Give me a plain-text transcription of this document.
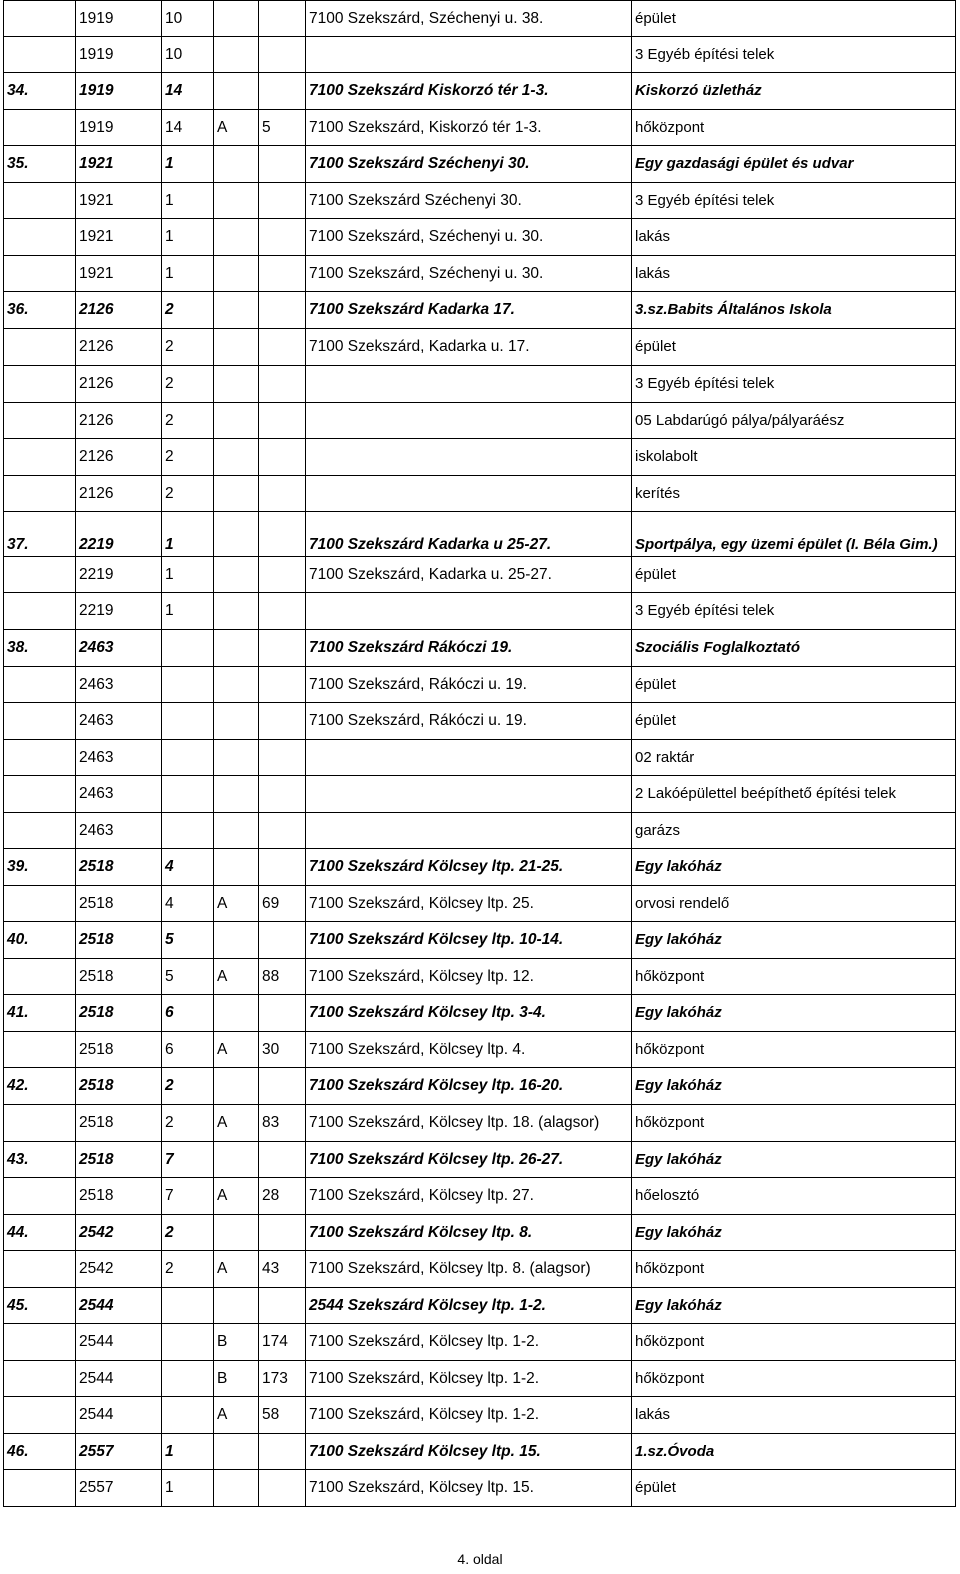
	1919	10			7100 Szekszárd, Széchenyi u. 38.	épület
	1919	10				3 Egyéb építési telek
34.	1919	14			7100 Szekszárd Kiskorzó tér 1-3.	Kiskorzó üzletház
	1919	14	A	5	7100 Szekszárd, Kiskorzó tér 1-3.	hőközpont
35.	1921	1			7100 Szekszárd Széchenyi 30.	Egy gazdasági épület és udvar
	1921	1			7100 Szekszárd Széchenyi 30.	3 Egyéb építési telek
	1921	1			7100 Szekszárd, Széchenyi u. 30.	lakás
	1921	1			7100 Szekszárd, Széchenyi u. 30.	lakás
36.	2126	2			7100 Szekszárd Kadarka 17.	3.sz.Babits Általános Iskola
	2126	2			7100 Szekszárd, Kadarka u. 17.	épület
	2126	2				3 Egyéb építési telek
	2126	2				05 Labdarúgó pálya/pályaráész
	2126	2				iskolabolt
	2126	2				kerítés
37.	2219	1			7100 Szekszárd Kadarka u 25-27.	Sportpálya, egy üzemi épület (I. Béla Gim.)
	2219	1			7100 Szekszárd, Kadarka u. 25-27.	épület
	2219	1				3 Egyéb építési telek
38.	2463				7100 Szekszárd Rákóczi 19.	Szociális Foglalkoztató
	2463				7100 Szekszárd, Rákóczi u. 19.	épület
	2463				7100 Szekszárd, Rákóczi u. 19.	épület
	2463					02 raktár
	2463					2 Lakóépülettel beépíthető építési telek
	2463					garázs
39.	2518	4			7100 Szekszárd Kölcsey ltp. 21-25.	Egy lakóház
	2518	4	A	69	7100 Szekszárd, Kölcsey ltp. 25.	orvosi rendelő
40.	2518	5			7100 Szekszárd Kölcsey ltp. 10-14.	Egy lakóház
	2518	5	A	88	7100 Szekszárd, Kölcsey ltp. 12.	hőközpont
41.	2518	6			7100 Szekszárd Kölcsey ltp. 3-4.	Egy lakóház
	2518	6	A	30	7100 Szekszárd, Kölcsey ltp. 4.	hőközpont
42.	2518	2			7100 Szekszárd Kölcsey ltp. 16-20.	Egy lakóház
	2518	2	A	83	7100 Szekszárd, Kölcsey ltp. 18. (alagsor)	hőközpont
43.	2518	7			7100 Szekszárd Kölcsey ltp. 26-27.	Egy lakóház
	2518	7	A	28	7100 Szekszárd, Kölcsey ltp. 27.	hőelosztó
44.	2542	2			7100 Szekszárd Kölcsey ltp. 8.	Egy lakóház
	2542	2	A	43	7100 Szekszárd, Kölcsey ltp. 8. (alagsor)	hőközpont
45.	2544				2544 Szekszárd Kölcsey ltp. 1-2.	Egy lakóház
	2544		B	174	7100 Szekszárd, Kölcsey ltp. 1-2.	hőközpont
	2544		B	173	7100 Szekszárd, Kölcsey ltp. 1-2.	hőközpont
	2544		A	58	7100 Szekszárd, Kölcsey ltp. 1-2.	lakás
46.	2557	1			7100 Szekszárd Kölcsey ltp. 15.	1.sz.Óvoda
	2557	1			7100 Szekszárd, Kölcsey ltp. 15.	épület
4. oldal
